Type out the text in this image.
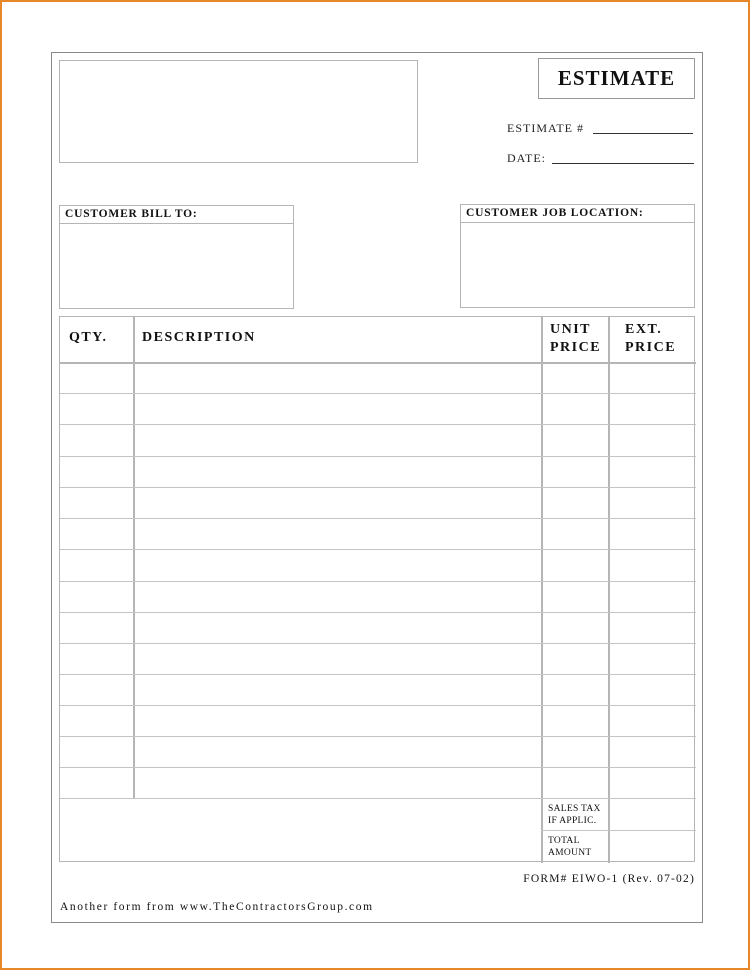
ESTIMATE
ESTIMATE #
DATE:
CUSTOMER BILL TO:	CUSTOMER JOB LOCATION:
QTY. DESCRIPTION
UNIT
PRICE
EXT.
PRICE
SALES TAX
IF APPLIC.
TOTAL
AMOUNT
FORM# EIWO-1 (Rev. 07-02)
Another form from www.TheContractorsGroup.com
